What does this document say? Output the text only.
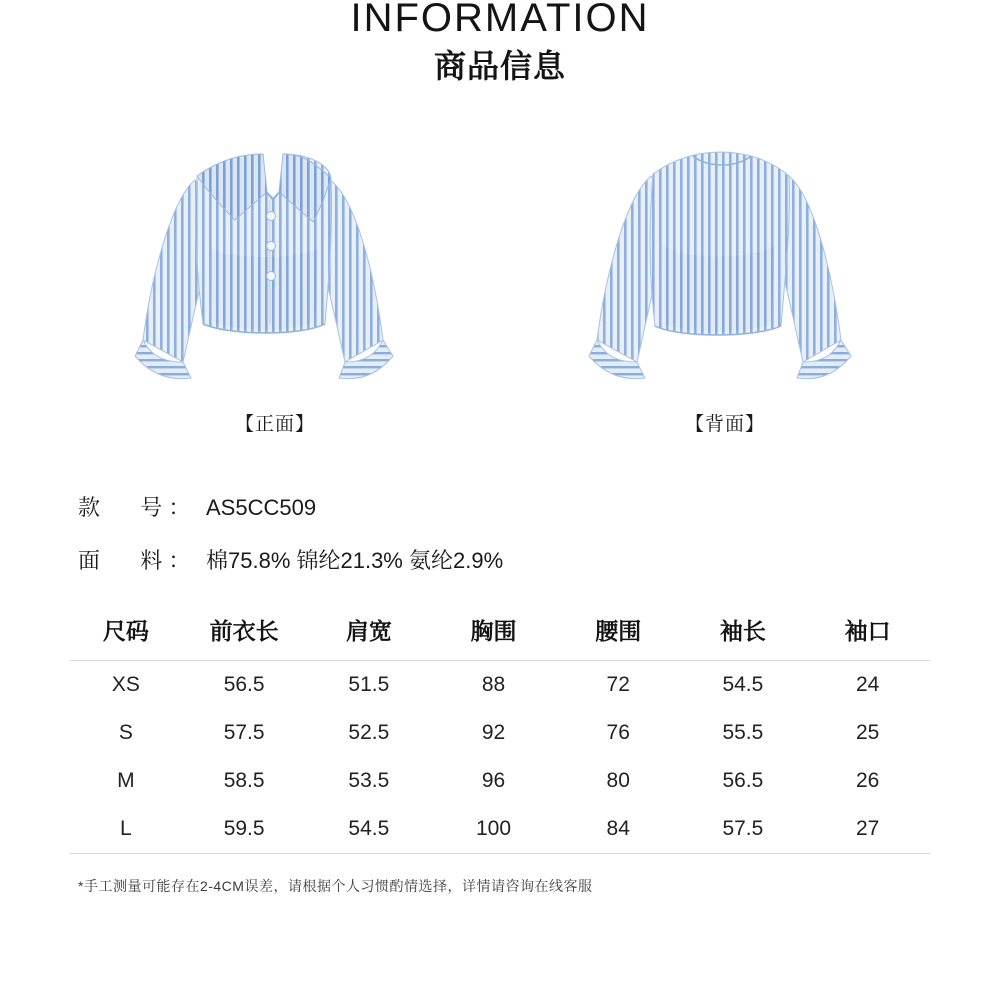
INFORMATION
商品信息
【正面】	【背面】
款 号 ： AS5CC509
面 料 ： 棉75.8% 锦纶21.3% 氨纶2.9%
尺码	前衣长	肩宽	胸围	腰围	袖长	袖口
XS	56.5	51.5	88	72	54.5	24
S	57.5	52.5	92	76	55.5	25
M	58.5	53.5	96	80	56.5	26
L	59.5	54.5	100	84	57.5	27
*手工测量可能存在2-4CM误差，请根据个人习惯酌情选择，详情请咨询在线客服
